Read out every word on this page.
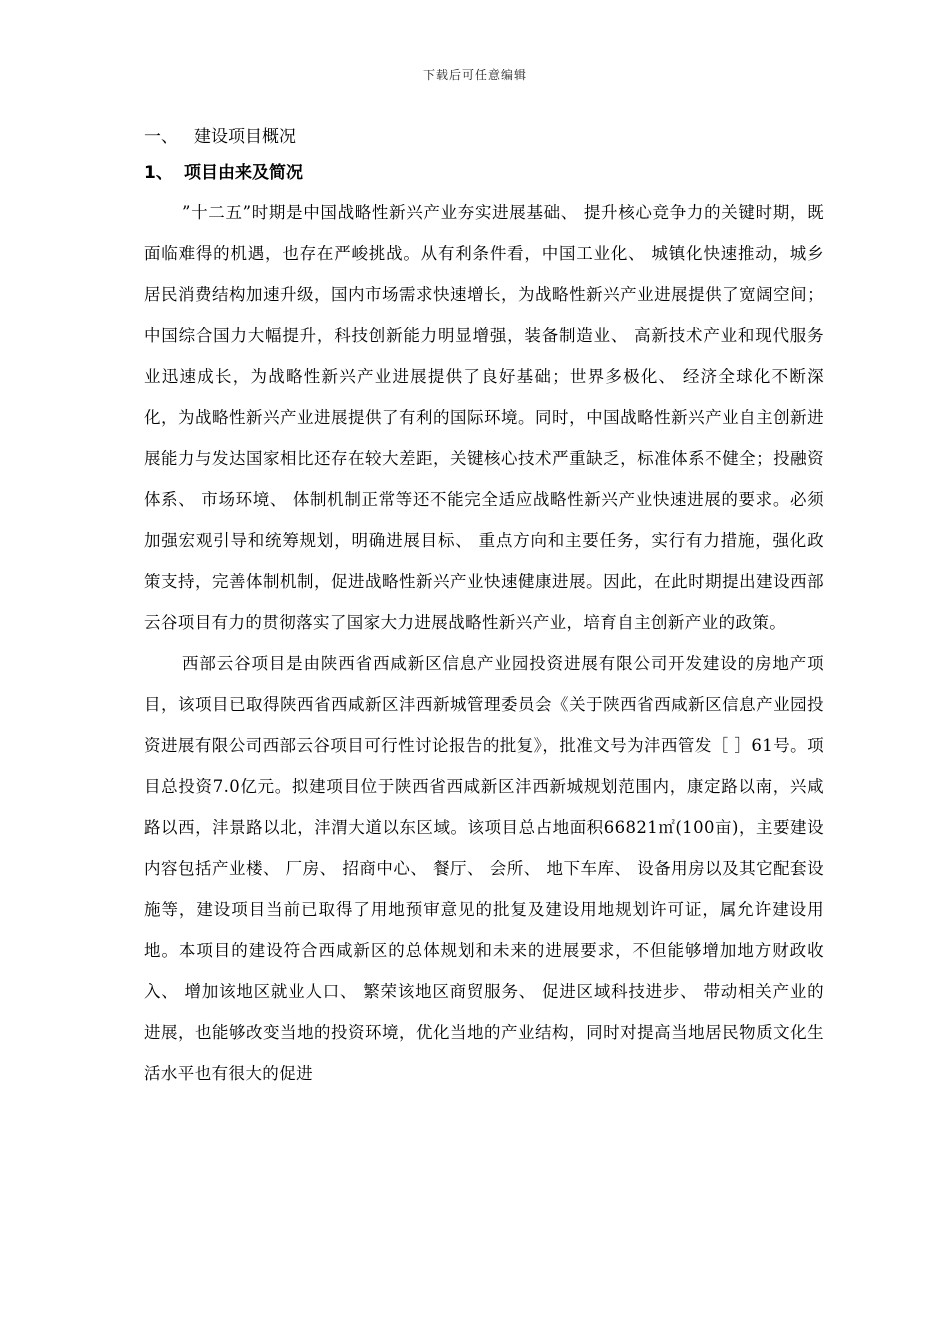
下载后可任意编辑
一、 建设项目概况
1、 项目由来及简况

”十二五”时期是中国战略性新兴产业夯实进展基础、 提升核心竞争力的关键时期，既面临难得的机遇，也存在严峻挑战。从有利条件看，中国工业化、 城镇化快速推动，城乡居民消费结构加速升级，国内市场需求快速增长，为战略性新兴产业进展提供了宽阔空间；中国综合国力大幅提升，科技创新能力明显增强，装备制造业、 高新技术产业和现代服务业迅速成长，为战略性新兴产业进展提供了良好基础；世界多极化、 经济全球化不断深化，为战略性新兴产业进展提供了有利的国际环境。同时，中国战略性新兴产业自主创新进展能力与发达国家相比还存在较大差距，关键核心技术严重缺乏，标准体系不健全；投融资体系、 市场环境、 体制机制正常等还不能完全适应战略性新兴产业快速进展的要求。必须加强宏观引导和统筹规划，明确进展目标、 重点方向和主要任务，实行有力措施，强化政策支持，完善体制机制，促进战略性新兴产业快速健康进展。因此，在此时期提出建设西部云谷项目有力的贯彻落实了国家大力进展战略性新兴产业，培育自主创新产业的政策。

西部云谷项目是由陕西省西咸新区信息产业园投资进展有限公司开发建设的房地产项目，该项目已取得陕西省西咸新区沣西新城管理委员会《关于陕西省西咸新区信息产业园投资进展有限公司西部云谷项目可行性讨论报告的批复》，批准文号为沣西管发［ ］61号。项目总投资7.0亿元。拟建项目位于陕西省西咸新区沣西新城规划范围内，康定路以南，兴咸路以西，沣景路以北，沣渭大道以东区域。该项目总占地面积66821㎡(100亩)，主要建设内容包括产业楼、 厂房、 招商中心、 餐厅、 会所、 地下车库、 设备用房以及其它配套设施等，建设项目当前已取得了用地预审意见的批复及建设用地规划许可证，属允许建设用地。本项目的建设符合西咸新区的总体规划和未来的进展要求，不但能够增加地方财政收入、 增加该地区就业人口、 繁荣该地区商贸服务、 促进区域科技进步、 带动相关产业的进展，也能够改变当地的投资环境，优化当地的产业结构，同时对提高当地居民物质文化生活水平也有很大的促进
